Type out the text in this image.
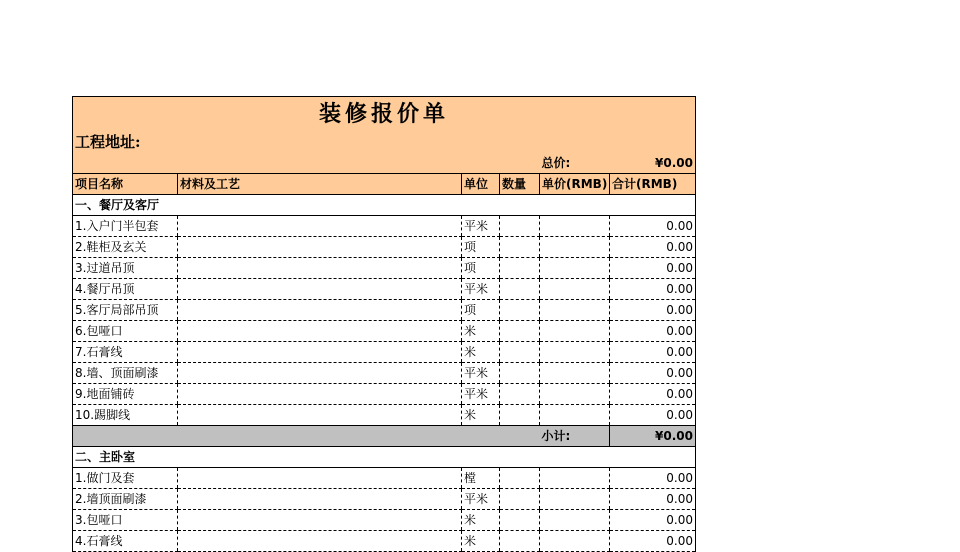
装修报价单					
工程地址:					
				总价:	¥0.00
项目名称	材料及工艺	单位	数量	单价(RMB)	合计(RMB)
一、餐厅及客厅					
1.入户门半包套		平米			0.00
2.鞋柜及玄关		项			0.00
3.过道吊顶		项			0.00
4.餐厅吊顶		平米			0.00
5.客厅局部吊顶		项			0.00
6.包哑口		米			0.00
7.石膏线		米			0.00
8.墙、顶面刷漆		平米			0.00
9.地面铺砖		平米			0.00
10.踢脚线		米			0.00
				小计:	¥0.00
二、主卧室					
1.做门及套		樘			0.00
2.墙顶面刷漆		平米			0.00
3.包哑口		米			0.00
4.石膏线		米			0.00
